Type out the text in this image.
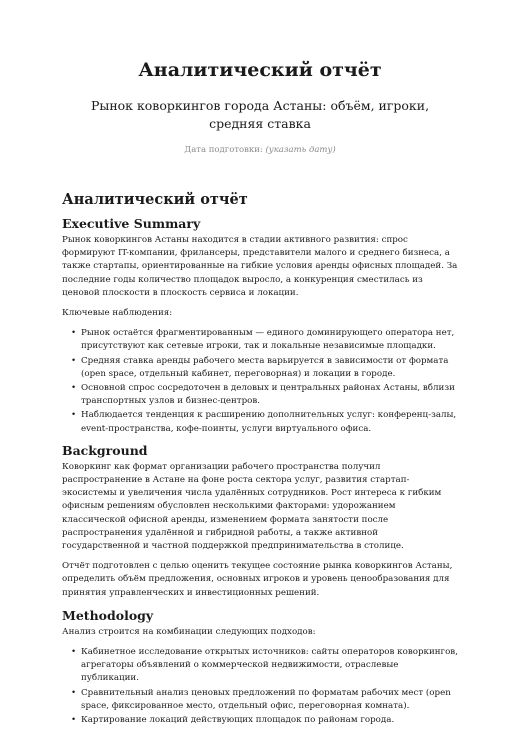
Аналитический отчёт

Рынок коворкингов города Астаны: объём, игроки, средняя ставка

Дата подготовки: (указать дату)

Аналитический отчёт
Executive Summary

Рынок коворкингов Астаны находится в стадии активного развития: спрос формируют IT-компании, фрилансеры, представители малого и среднего бизнеса, а также стартапы, ориентированные на гибкие условия аренды офисных площадей. За последние годы количество площадок выросло, а конкуренция сместилась из ценовой плоскости в плоскость сервиса и локации.

Ключевые наблюдения:

• Рынок остаётся фрагментированным — единого доминирующего оператора нет, присутствуют как сетевые игроки, так и локальные независимые площадки.
• Средняя ставка аренды рабочего места варьируется в зависимости от формата (open space, отдельный кабинет, переговорная) и локации в городе.
• Основной спрос сосредоточен в деловых и центральных районах Астаны, вблизи транспортных узлов и бизнес-центров.
• Наблюдается тенденция к расширению дополнительных услуг: конференц-залы, event-пространства, кофе-поинты, услуги виртуального офиса.
Background

Коворкинг как формат организации рабочего пространства получил распространение в Астане на фоне роста сектора услуг, развития стартап-экосистемы и увеличения числа удалённых сотрудников. Рост интереса к гибким офисным решениям обусловлен несколькими факторами: удорожанием классической офисной аренды, изменением формата занятости после распространения удалённой и гибридной работы, а также активной государственной и частной поддержкой предпринимательства в столице.

Отчёт подготовлен с целью оценить текущее состояние рынка коворкингов Астаны, определить объём предложения, основных игроков и уровень ценообразования для принятия управленческих и инвестиционных решений.

Methodology

Анализ строится на комбинации следующих подходов:

• Кабинетное исследование открытых источников: сайты операторов коворкингов, агрегаторы объявлений о коммерческой недвижимости, отраслевые публикации.
• Сравнительный анализ ценовых предложений по форматам рабочих мест (open space, фиксированное место, отдельный офис, переговорная комната).
• Картирование локаций действующих площадок по районам города.
